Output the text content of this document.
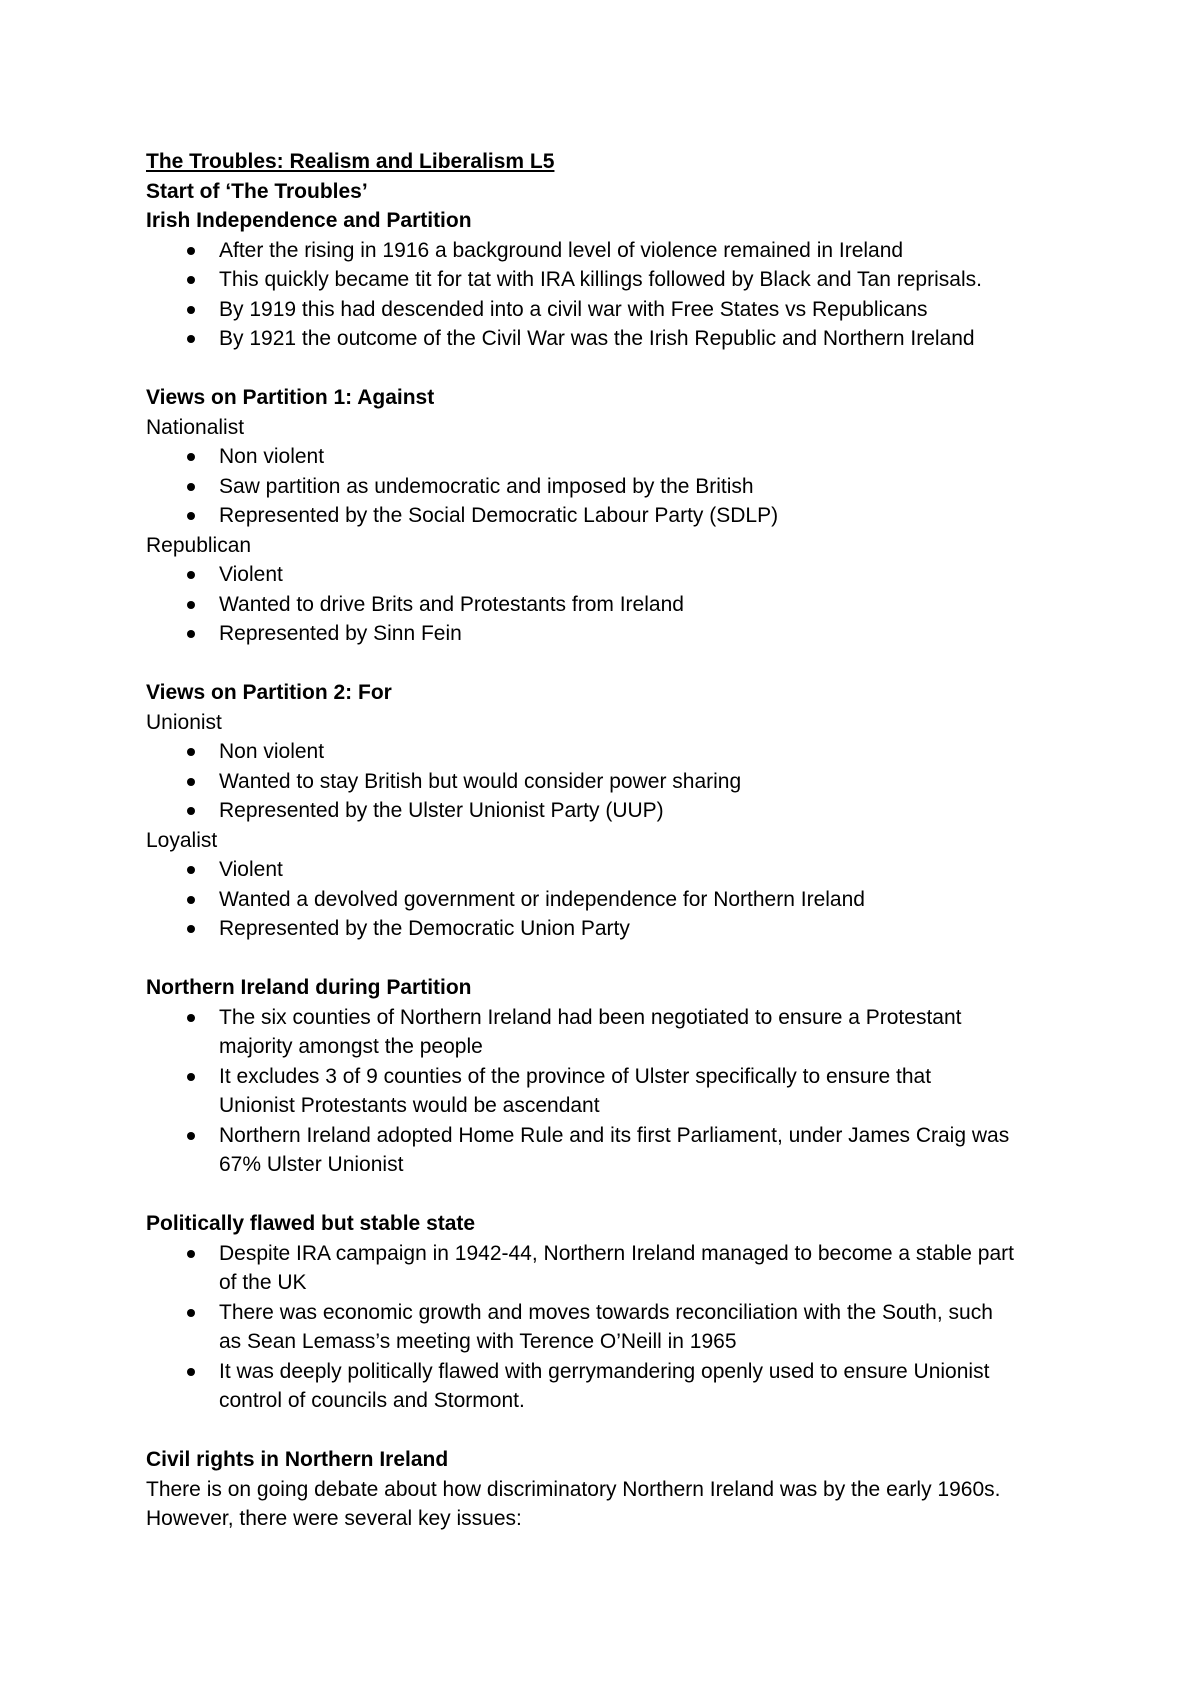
The Troubles: Realism and Liberalism L5

Start of ‘The Troubles’

Irish Independence and Partition

After the rising in 1916 a background level of violence remained in Ireland
This quickly became tit for tat with IRA killings followed by Black and Tan reprisals.
By 1919 this had descended into a civil war with Free States vs Republicans
By 1921 the outcome of the Civil War was the Irish Republic and Northern Ireland

Views on Partition 1: Against

Nationalist

Non violent
Saw partition as undemocratic and imposed by the British
Represented by the Social Democratic Labour Party (SDLP)

Republican

Violent
Wanted to drive Brits and Protestants from Ireland
Represented by Sinn Fein

Views on Partition 2: For

Unionist

Non violent
Wanted to stay British but would consider power sharing
Represented by the Ulster Unionist Party (UUP)

Loyalist

Violent
Wanted a devolved government or independence for Northern Ireland
Represented by the Democratic Union Party

Northern Ireland during Partition

The six counties of Northern Ireland had been negotiated to ensure a Protestant
majority amongst the people
It excludes 3 of 9 counties of the province of Ulster specifically to ensure that
Unionist Protestants would be ascendant
Northern Ireland adopted Home Rule and its first Parliament, under James Craig was
67% Ulster Unionist

Politically flawed but stable state

Despite IRA campaign in 1942-44, Northern Ireland managed to become a stable part
of the UK
There was economic growth and moves towards reconciliation with the South, such
as Sean Lemass’s meeting with Terence O’Neill in 1965
It was deeply politically flawed with gerrymandering openly used to ensure Unionist
control of councils and Stormont.

Civil rights in Northern Ireland

There is on going debate about how discriminatory Northern Ireland was by the early 1960s.

However, there were several key issues:
